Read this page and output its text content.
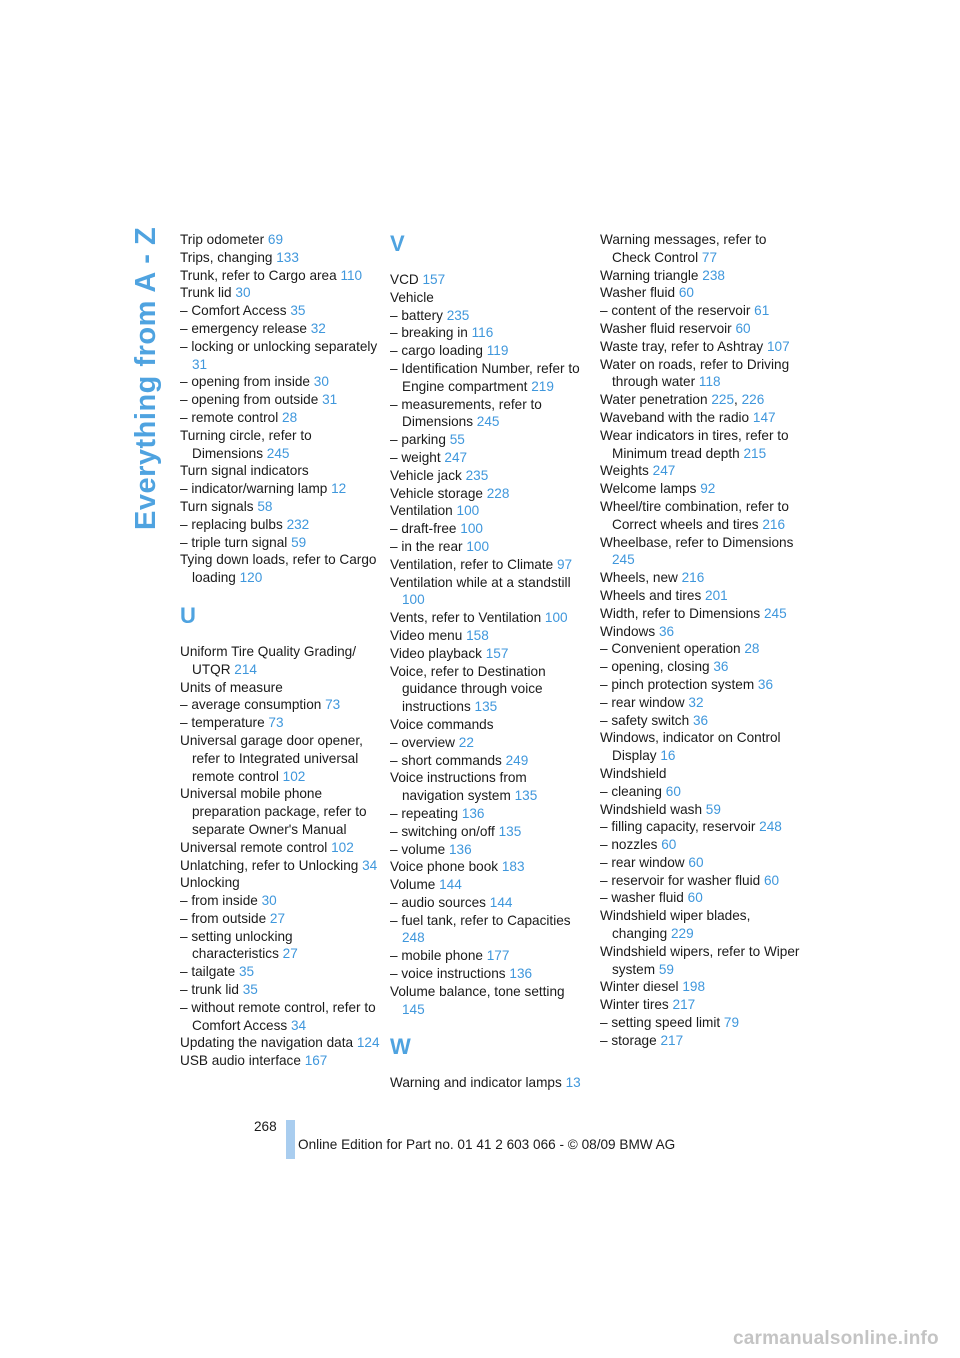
Everything from A - Z Trip odometer 69
Trips, changing 133
Trunk, refer to Cargo area 110
Trunk lid 30
– Comfort Access 35
– emergency release 32
– locking or unlocking separately 31
– opening from inside 30
– opening from outside 31
– remote control 28
Turning circle, refer to Dimensions 245
Turn signal indicators
– indicator/warning lamp 12
Turn signals 58
– replacing bulbs 232
– triple turn signal 59
Tying down loads, refer to Cargo loading 120
U
Uniform Tire Quality Grading/ UTQR 214
Units of measure
– average consumption 73
– temperature 73
Universal garage door opener, refer to Integrated universal remote control 102
Universal mobile phone preparation package, refer to separate Owner's Manual
Universal remote control 102
Unlatching, refer to Unlocking 34
Unlocking
– from inside 30
– from outside 27
– setting unlocking characteristics 27
– tailgate 35
– trunk lid 35
– without remote control, refer to Comfort Access 34
Updating the navigation data 124
USB audio interface 167
V
VCD 157
Vehicle
– battery 235
– breaking in 116
– cargo loading 119
– Identification Number, refer to Engine compartment 219
– measurements, refer to Dimensions 245
– parking 55
– weight 247
Vehicle jack 235
Vehicle storage 228
Ventilation 100
– draft-free 100
– in the rear 100
Ventilation, refer to Climate 97
Ventilation while at a standstill 100
Vents, refer to Ventilation 100
Video menu 158
Video playback 157
Voice, refer to Destination guidance through voice instructions 135
Voice commands
– overview 22
– short commands 249
Voice instructions from navigation system 135
– repeating 136
– switching on/off 135
– volume 136
Voice phone book 183
Volume 144
– audio sources 144
– fuel tank, refer to Capacities 248
– mobile phone 177
– voice instructions 136
Volume balance, tone setting 145
W
Warning and indicator lamps 13
Warning messages, refer to Check Control 77
Warning triangle 238
Washer fluid 60
– content of the reservoir 61
Washer fluid reservoir 60
Waste tray, refer to Ashtray 107
Water on roads, refer to Driving through water 118
Water penetration 225, 226
Waveband with the radio 147
Wear indicators in tires, refer to Minimum tread depth 215
Weights 247
Welcome lamps 92
Wheel/tire combination, refer to Correct wheels and tires 216
Wheelbase, refer to Dimensions 245
Wheels, new 216
Wheels and tires 201
Width, refer to Dimensions 245
Windows 36
– Convenient operation 28
– opening, closing 36
– pinch protection system 36
– rear window 32
– safety switch 36
Windows, indicator on Control Display 16
Windshield
– cleaning 60
Windshield wash 59
– filling capacity, reservoir 248
– nozzles 60
– rear window 60
– reservoir for washer fluid 60
– washer fluid 60
Windshield wiper blades, changing 229
Windshield wipers, refer to Wiper system 59
Winter diesel 198
Winter tires 217
– setting speed limit 79
– storage 217
268
Online Edition for Part no. 01 41 2 603 066 - © 08/09 BMW AG
carmanualsonline.info
